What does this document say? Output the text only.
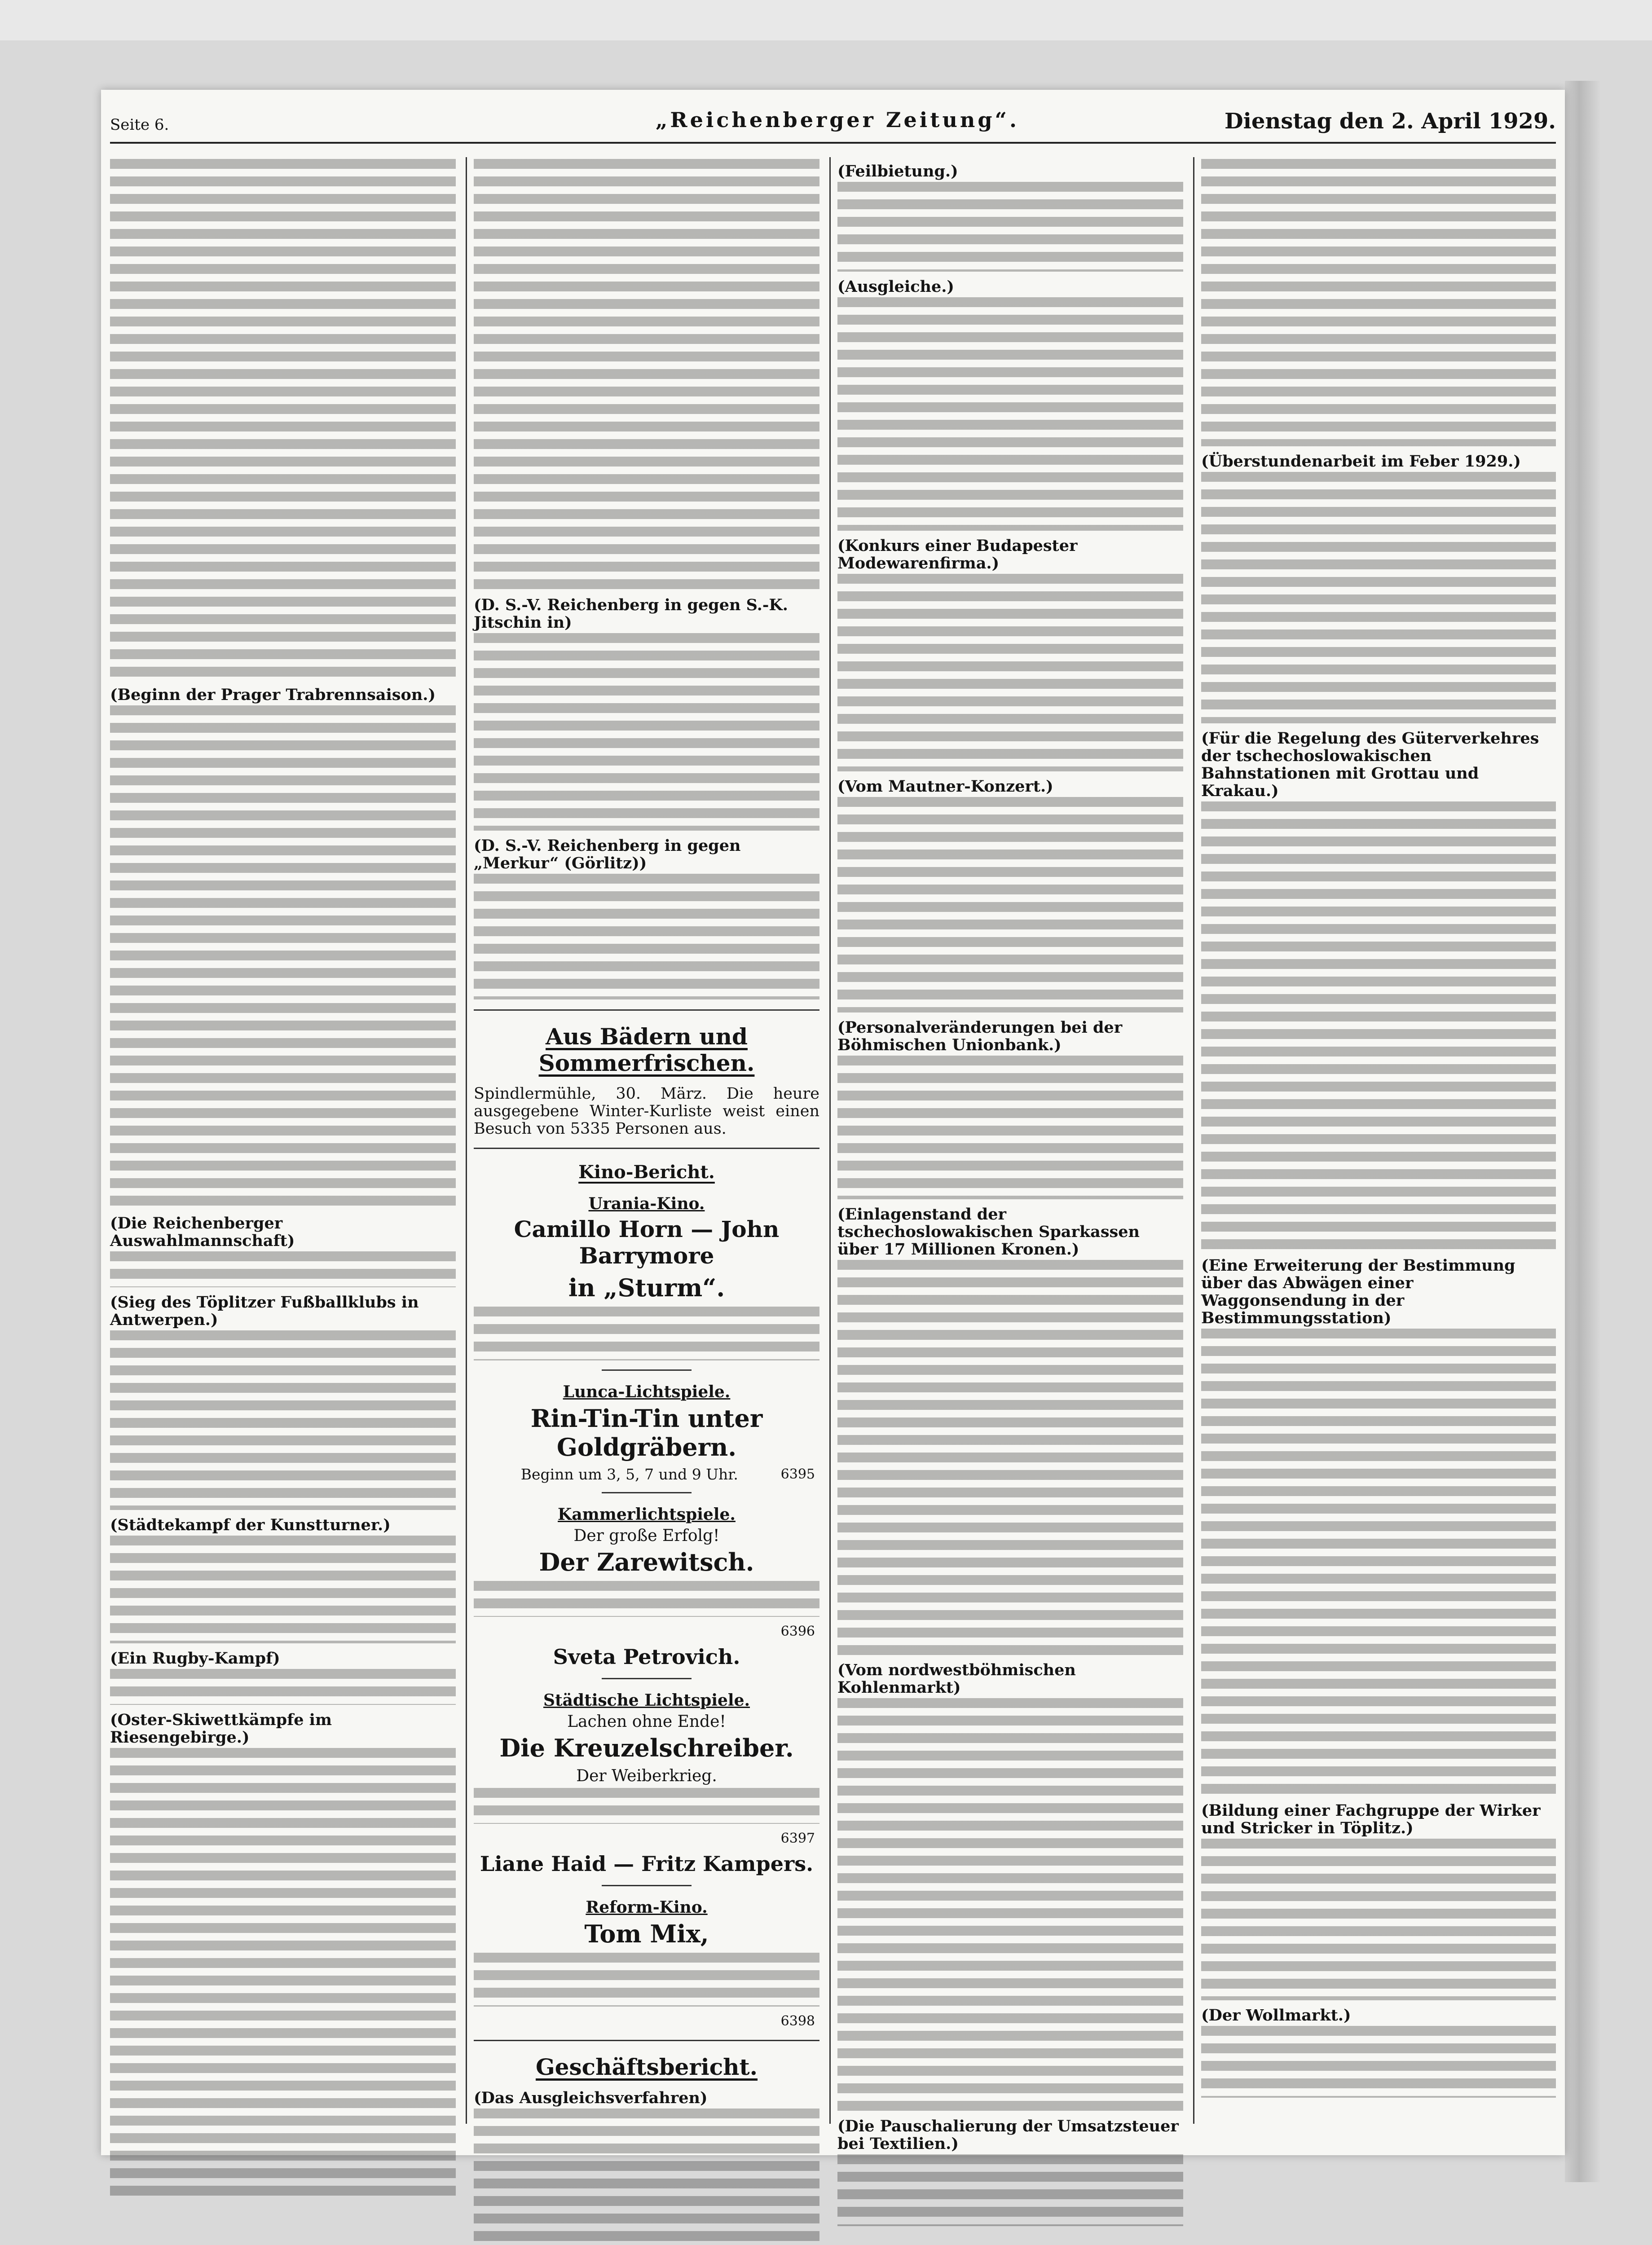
Seite 6.	„Reichenberger Zeitung“.	Dienstag den 2. April 1929.

(Beginn der Prager Trabrennsaison.)

(Die Reichenberger Auswahlmannschaft)

(Sieg des Töplitzer Fußballklubs in Antwerpen.)

(Städtekampf der Kunstturner.)

(Ein Rugby-Kampf)

(Oster-Skiwettkämpfe im Riesengebirge.)

(D. S.-V. Reichenberg in gegen S.-K. Jitschin in)

(D. S.-V. Reichenberg in gegen „Merkur“ (Görlitz))

Aus Bädern und Sommerfrischen.

Spindlermühle, 30. März. Die heure ausgegebene Winter-Kurliste weist einen Besuch von 5335 Personen aus.

Kino-Bericht.
Urania-Kino.
Camillo Horn — John Barrymore
in „Sturm“.
Lunca-Lichtspiele.
Rin-Tin-Tin unter Goldgräbern.
Beginn um 3, 5, 7 und 9 Uhr.	6395
Kammerlichtspiele.
Der große Erfolg!
Der Zarewitsch.
6396

Sveta Petrovich.
Städtische Lichtspiele.
Lachen ohne Ende!
Die Kreuzelschreiber.
Der Weiberkrieg.
6397

Liane Haid — Fritz Kampers.
Reform-Kino.
Tom Mix,
6398

Geschäftsbericht.
(Das Ausgleichsverfahren)

(Feilbietung.)

(Ausgleiche.)

(Konkurs einer Budapester Modewarenfirma.)

(Vom Mautner-Konzert.)

(Personalveränderungen bei der Böhmischen Unionbank.)

(Einlagenstand der tschechoslowakischen Sparkassen über 17 Millionen Kronen.)

(Vom nordwestböhmischen Kohlenmarkt)

(Die Pauschalierung der Umsatzsteuer bei Textilien.)

(Überstundenarbeit im Feber 1929.)

(Für die Regelung des Güterverkehres der tschechoslowakischen Bahnstationen mit Grottau und Krakau.)

(Eine Erweiterung der Bestimmung über das Abwägen einer Waggonsendung in der Bestimmungsstation)

(Bildung einer Fachgruppe der Wirker und Stricker in Töplitz.)

(Der Wollmarkt.)
